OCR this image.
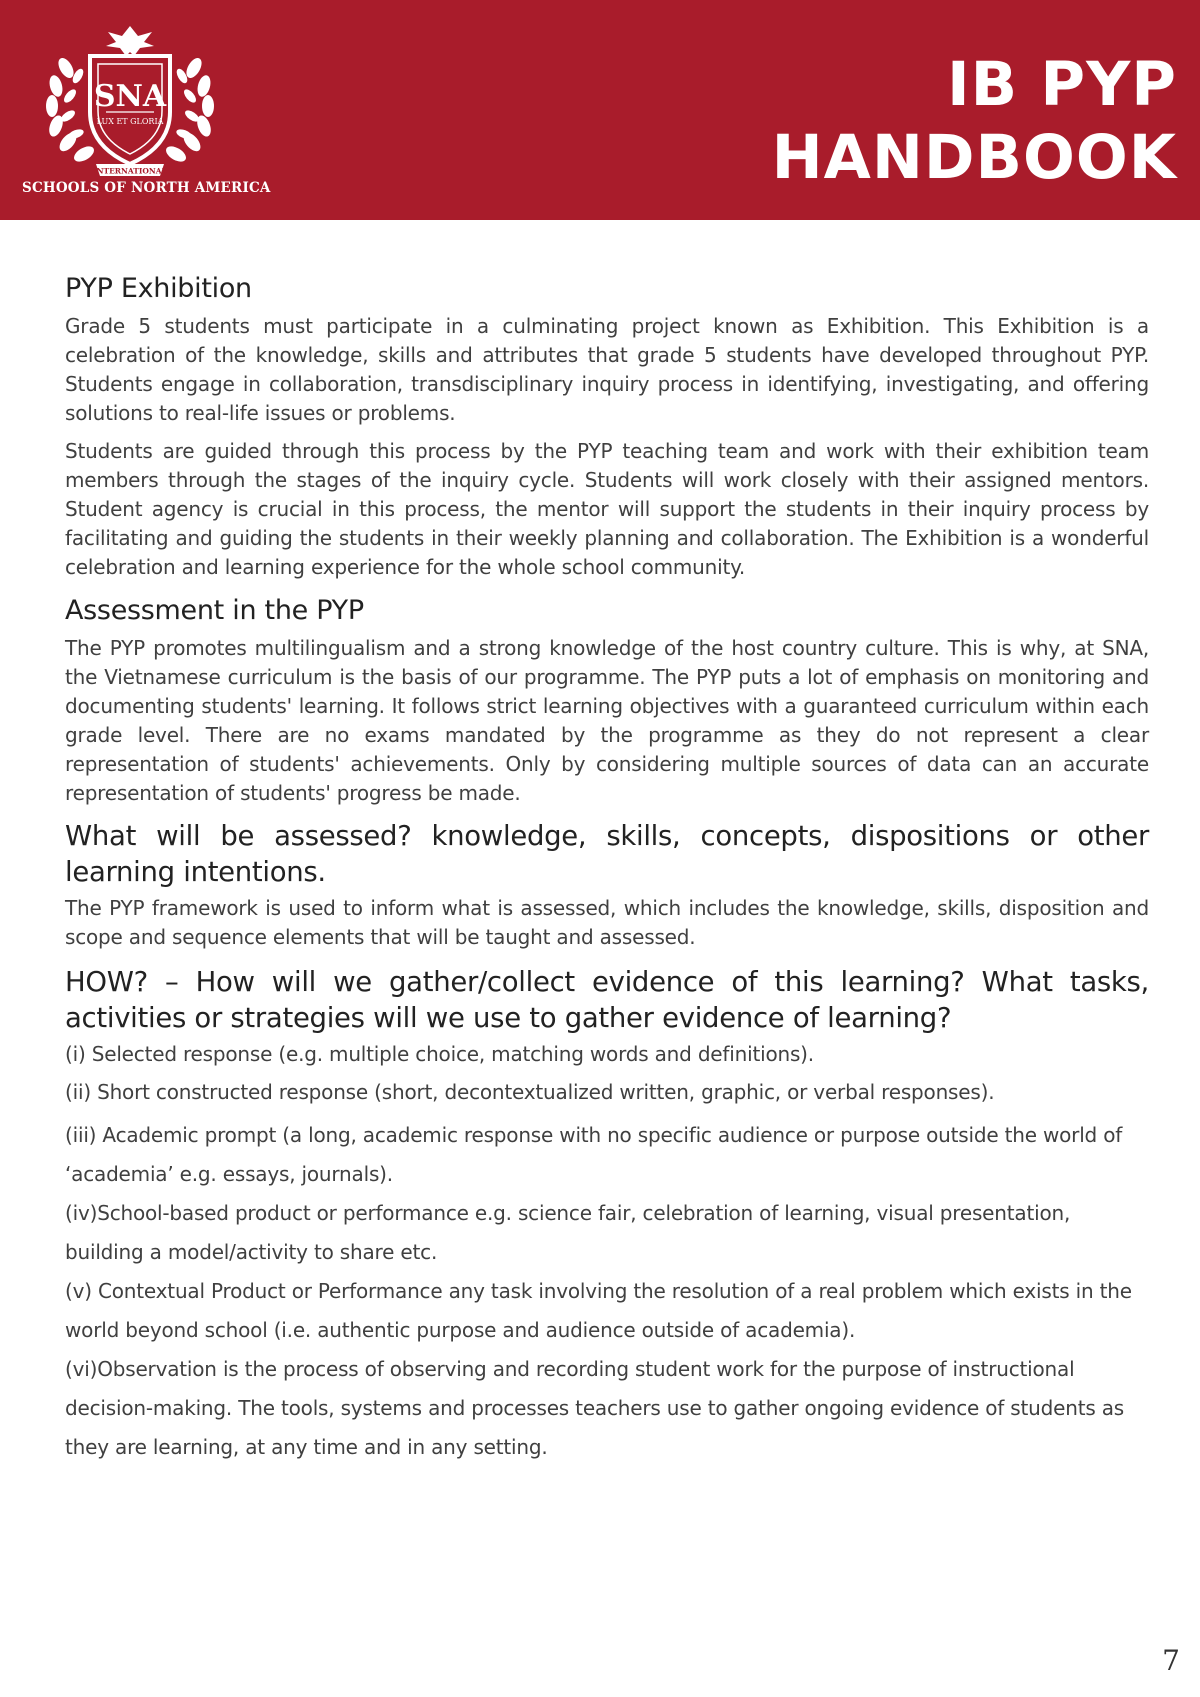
SNA
LUX ET GLORIA
INTERNATIONAL
SCHOOLS OF NORTH AMERICA
IB PYP
HANDBOOK
PYP Exhibition

Grade 5 students must participate in a culminating project known as Exhibition. This Exhibition is a celebration of the knowledge, skills and attributes that grade 5 students have developed throughout PYP. Students engage in collaboration, transdisciplinary inquiry process in identifying, investigating, and offering solutions to real-life issues or problems.

Students are guided through this process by the PYP teaching team and work with their exhibition team members through the stages of the inquiry cycle. Students will work closely with their assigned mentors. Student agency is crucial in this process, the mentor will support the students in their inquiry process by facilitating and guiding the students in their weekly planning and collaboration. The Exhibition is a wonderful celebration and learning experience for the whole school community.

Assessment in the PYP

The PYP promotes multilingualism and a strong knowledge of the host country culture. This is why, at SNA, the Vietnamese curriculum is the basis of our programme. The PYP puts a lot of emphasis on monitoring and documenting students' learning. It follows strict learning objectives with a guaranteed curriculum within each grade level. There are no exams mandated by the programme as they do not represent a clear representation of students' achievements. Only by considering multiple sources of data can an accurate representation of students' progress be made.

What will be assessed? knowledge, skills, concepts, dispositions or other learning intentions.

The PYP framework is used to inform what is assessed, which includes the knowledge, skills, disposition and scope and sequence elements that will be taught and assessed.

HOW? – How will we gather/collect evidence of this learning? What tasks, activities or strategies will we use to gather evidence of learning?

(i) Selected response (e.g. multiple choice, matching words and definitions).

(ii) Short constructed response (short, decontextualized written, graphic, or verbal responses).

(iii) Academic prompt (a long, academic response with no specific audience or purpose outside the world of ‘academia’ e.g. essays, journals).

(iv)School-based product or performance e.g. science fair, celebration of learning, visual presentation, building a model/activity to share etc.

(v) Contextual Product or Performance any task involving the resolution of a real problem which exists in the world beyond school (i.e. authentic purpose and audience outside of academia).

(vi)Observation is the process of observing and recording student work for the purpose of instructional decision-making. The tools, systems and processes teachers use to gather ongoing evidence of students as they are learning, at any time and in any setting.

7
